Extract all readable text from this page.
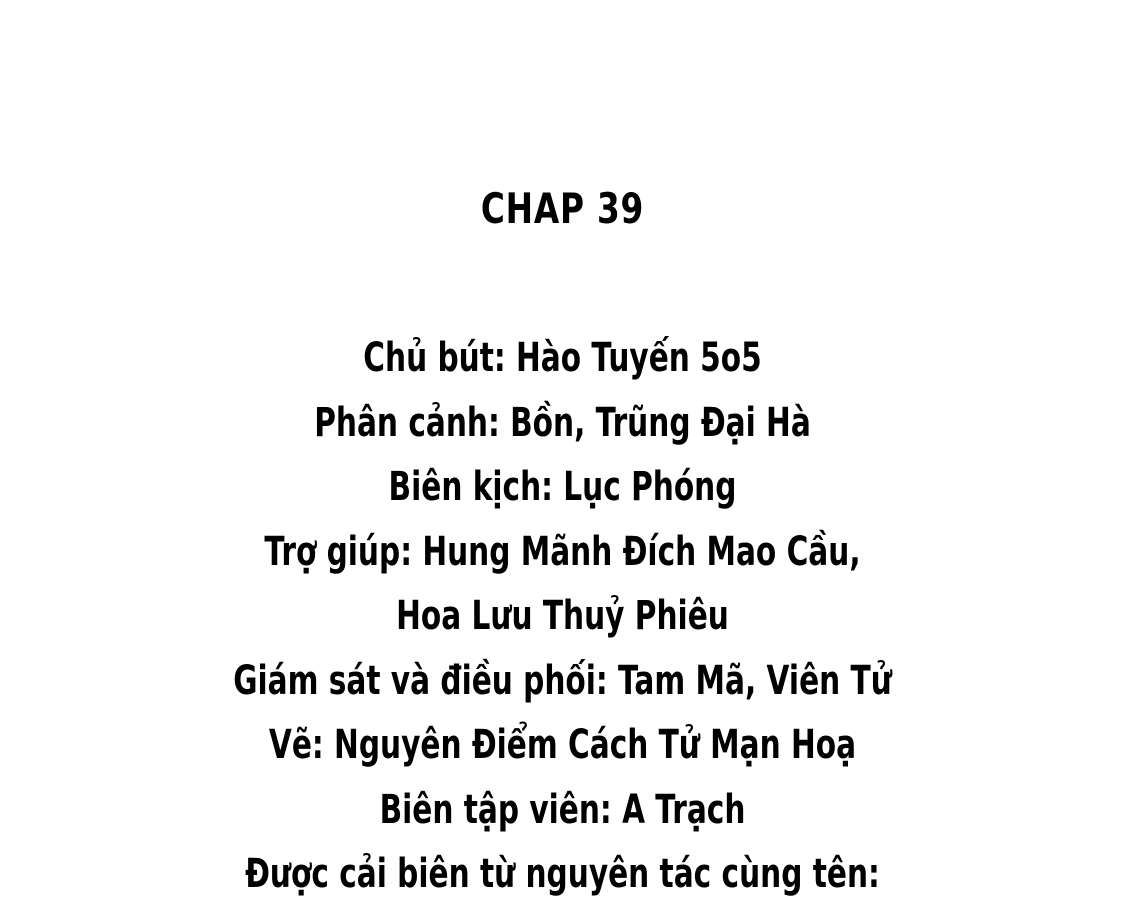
CHAP 39
Chủ bút: Hào Tuyến 5o5
Phân cảnh: Bồn, Trũng Đại Hà
Biên kịch: Lục Phóng
Trợ giúp: Hung Mãnh Đích Mao Cầu,
Hoa Lưu Thuỷ Phiêu
Giám sát và điều phối: Tam Mã, Viên Tử
Vẽ: Nguyên Điểm Cách Tử Mạn Hoạ
Biên tập viên: A Trạch
Được cải biên từ nguyên tác cùng tên:
